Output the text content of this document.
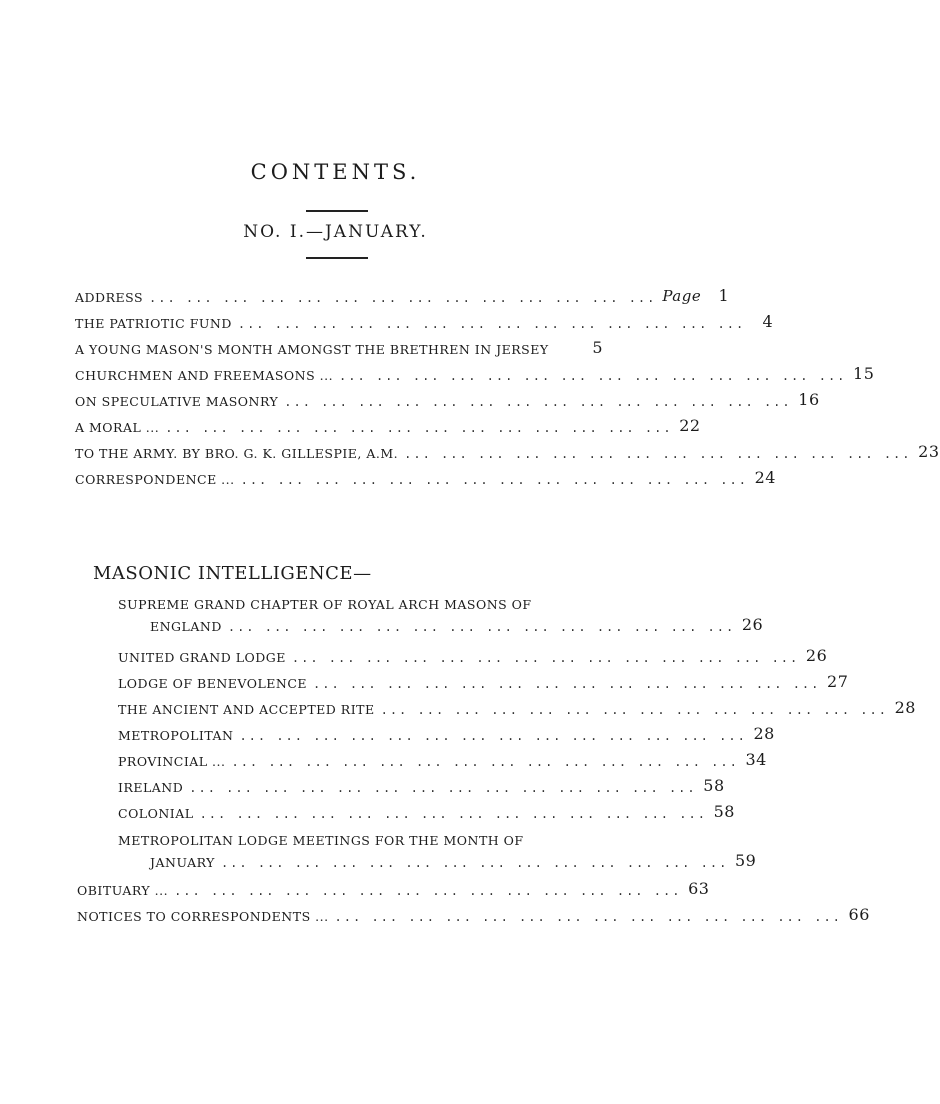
CONTENTS.
NO. I.—JANUARY.
ADDRESS ... ... ... ... ... ... ... ... ... ... ... ... ... ... Page	1
THE PATRIOTIC FUND ... ... ... ... ... ... ... ... ... ... ... ... ... ...	4
A YOUNG MASON'S MONTH AMONGST THE BRETHREN IN JERSEY	5
CHURCHMEN AND FREEMASONS ... ... ... ... ... ... ... ... ... ... ... ... ... ... ... 15
ON SPECULATIVE MASONRY ... ... ... ... ... ... ... ... ... ... ... ... ... ... 16
A MORAL ... ... ... ... ... ... ... ... ... ... ... ... ... ... ... 22
TO THE ARMY. BY BRO. G. K. GILLESPIE, A.M. ... ... ... ... ... ... ... ... ... ... ... ... ... ... 23
CORRESPONDENCE ... ... ... ... ... ... ... ... ... ... ... ... ... ... ... 24
MASONIC INTELLIGENCE—
SUPREME GRAND CHAPTER OF ROYAL ARCH MASONS OF
ENGLAND ... ... ... ... ... ... ... ... ... ... ... ... ... ... 26
UNITED GRAND LODGE ... ... ... ... ... ... ... ... ... ... ... ... ... ... 26
LODGE OF BENEVOLENCE ... ... ... ... ... ... ... ... ... ... ... ... ... ... 27
THE ANCIENT AND ACCEPTED RITE ... ... ... ... ... ... ... ... ... ... ... ... ... ... 28
METROPOLITAN ... ... ... ... ... ... ... ... ... ... ... ... ... ... 28
PROVINCIAL ... ... ... ... ... ... ... ... ... ... ... ... ... ... ... 34
IRELAND ... ... ... ... ... ... ... ... ... ... ... ... ... ... 58
COLONIAL ... ... ... ... ... ... ... ... ... ... ... ... ... ... 58
METROPOLITAN LODGE MEETINGS FOR THE MONTH OF
JANUARY ... ... ... ... ... ... ... ... ... ... ... ... ... ... 59
OBITUARY ... ... ... ... ... ... ... ... ... ... ... ... ... ... ... 63
NOTICES TO CORRESPONDENTS ... ... ... ... ... ... ... ... ... ... ... ... ... ... ... 66
